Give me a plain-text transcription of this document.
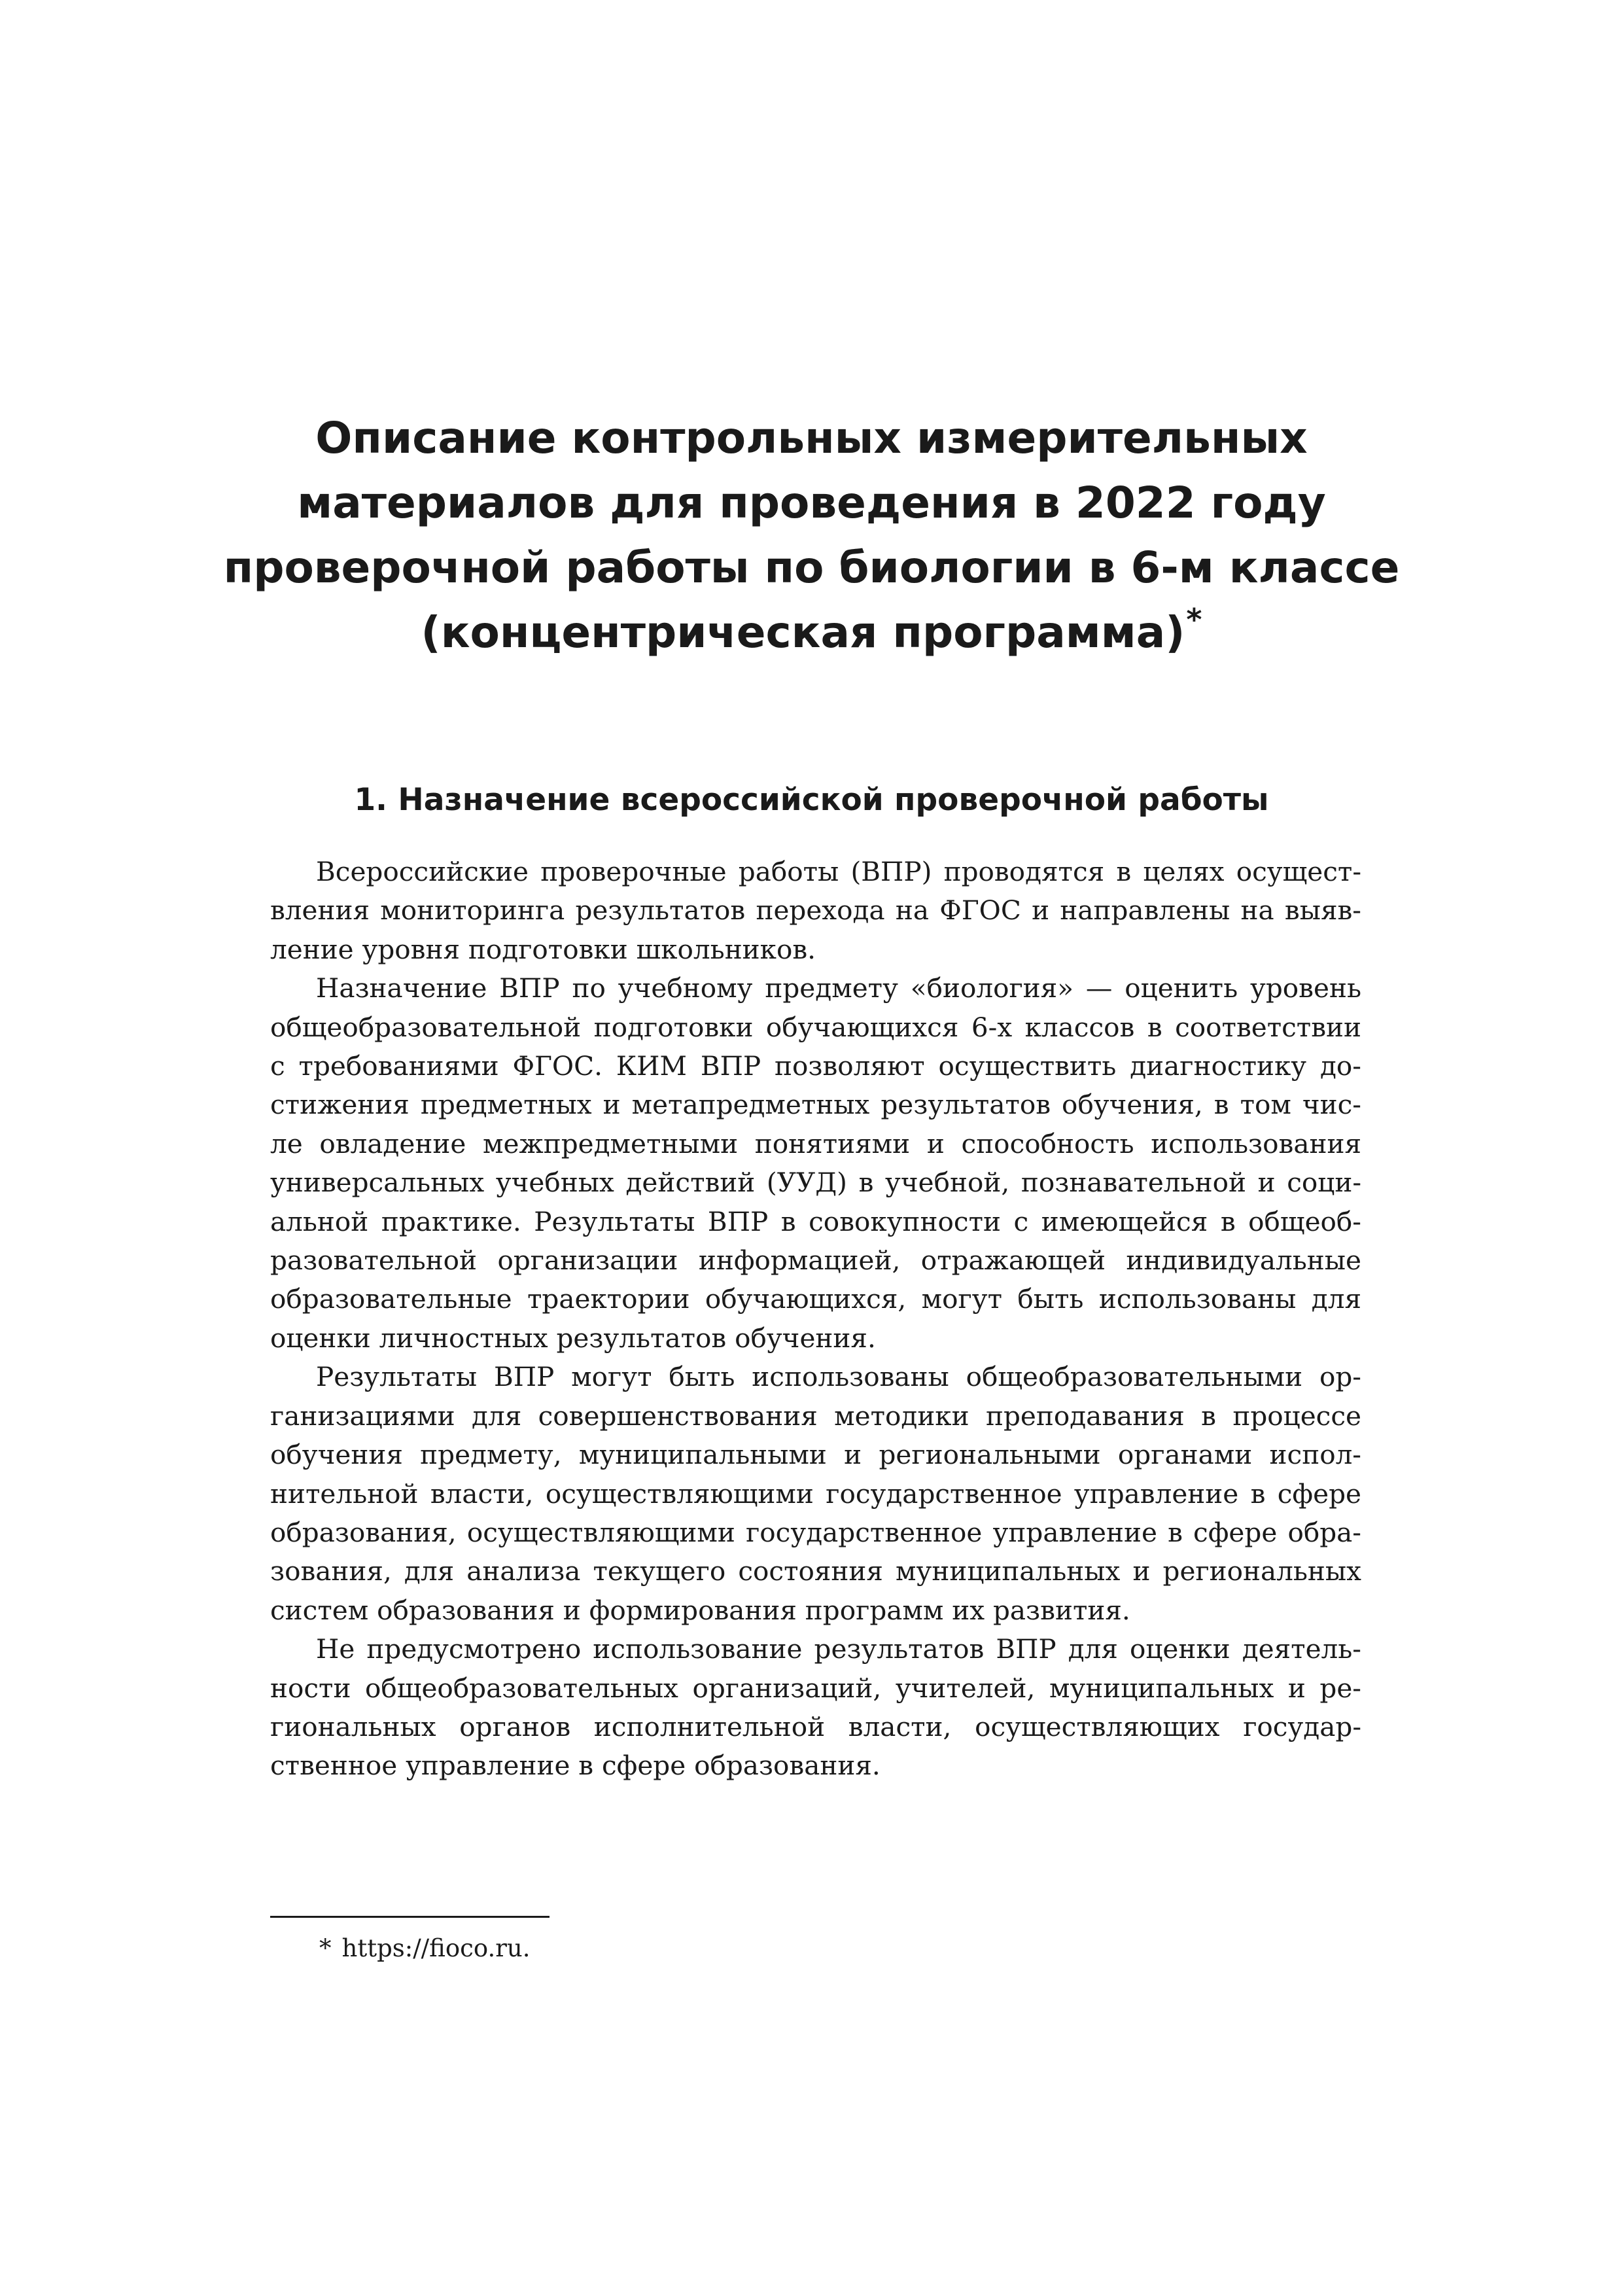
Описание контрольных измерительных
материалов для проведения в 2022 году
проверочной работы по биологии в 6-м классе
(концентрическая программа)*
1. Назначение всероссийской проверочной работы

Всероссийские проверочные работы (ВПР) проводятся в целях осущест-
вления мониторинга результатов перехода на ФГОС и направлены на выяв-
ление уровня подготовки школьников.

Назначение ВПР по учебному предмету «биология» — оценить уровень
общеобразовательной подготовки обучающихся 6-х классов в соответствии
с требованиями ФГОС. КИМ ВПР позволяют осуществить диагностику до-
стижения предметных и метапредметных результатов обучения, в том чис-
ле овладение межпредметными понятиями и способность использования
универсальных учебных действий (УУД) в учебной, познавательной и соци-
альной практике. Результаты ВПР в совокупности с имеющейся в общеоб-
разовательной организации информацией, отражающей индивидуальные
образовательные траектории обучающихся, могут быть использованы для
оценки личностных результатов обучения.

Результаты ВПР могут быть использованы общеобразовательными ор-
ганизациями для совершенствования методики преподавания в процессе
обучения предмету, муниципальными и региональными органами испол-
нительной власти, осуществляющими государственное управление в сфере
образования, осуществляющими государственное управление в сфере обра-
зования, для анализа текущего состояния муниципальных и региональных
систем образования и формирования программ их развития.

Не предусмотрено использование результатов ВПР для оценки деятель-
ности общеобразовательных организаций, учителей, муниципальных и ре-
гиональных органов исполнительной власти, осуществляющих государ-
ственное управление в сфере образования.

* https://fioco.ru.
